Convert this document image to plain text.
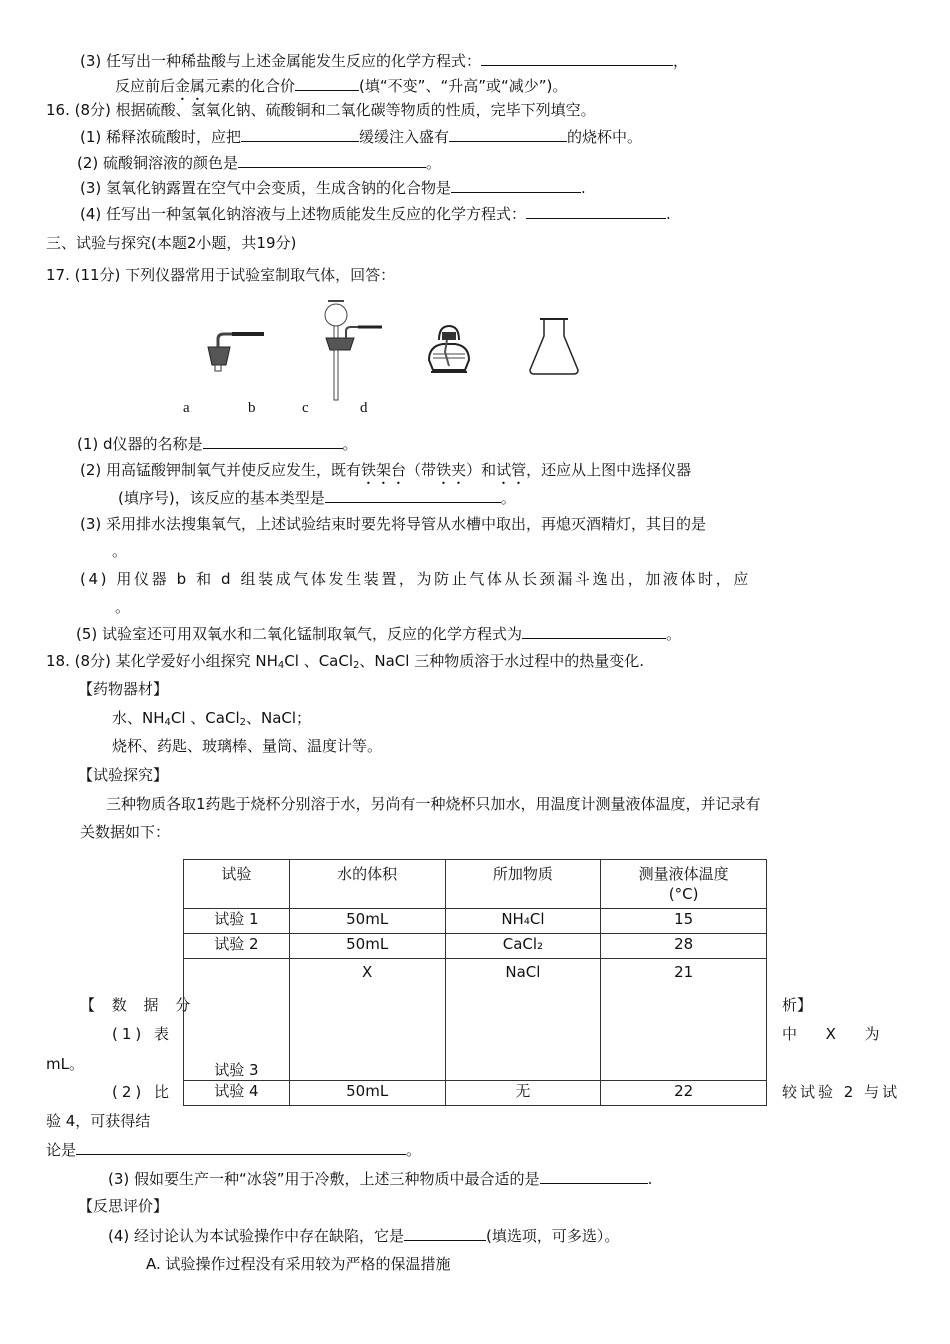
(3) 任写出一种稀盐酸与上述金属能发生反应的化学方程式：	，
反应前后金属元素的化合价	(填“不变”、“升高”或“减少”)。
16. (8分) 根据硫酸、氢氧化钠、硫酸铜和二氧化碳等物质的性质，完毕下列填空。
(1) 稀释浓硫酸时，应把	缓缓注入盛有	的烧杯中。
(2) 硫酸铜溶液的颜色是	。
(3) 氢氧化钠露置在空气中会变质，生成含钠的化合物是	.
(4) 任写出一种氢氧化钠溶液与上述物质能发生反应的化学方程式：	.
三、试验与探究(本题2小题，共19分)
17. (11分) 下列仪器常用于试验室制取气体，回答：
a	b	c	d
(1) d仪器的名称是	。
(2) 用高锰酸钾制氧气并使反应发生，既有铁架台（带铁夹）和试管，还应从上图中选择仪器
(填序号)，该反应的基本类型是	。
(3) 采用排水法搜集氧气，上述试验结束时要先将导管从水槽中取出，再熄灭酒精灯，其目的是
。
(4) 用仪器 b 和 d 组装成气体发生装置，为防止气体从长颈漏斗逸出，加液体时，应
。
(5) 试验室还可用双氧水和二氧化锰制取氧气，反应的化学方程式为	。
18. (8分) 某化学爱好小组探究 $NH_4Cl$ 、CaCl$_2$、NaCl 三种物质溶于水过程中的热量变化.
【药物器材】
水、$NH_4Cl$ 、CaCl$_2$、NaCl；
烧杯、药匙、玻璃棒、量筒、温度计等。
【试验探究】
三种物质各取1药匙于烧杯分别溶于水，另尚有一种烧杯只加水，用温度计测量液体温度，并记录有
关数据如下：
试验	水的体积	所加物质	测量液体温度
(°C)

试验 1	50mL	NH₄Cl	15
试验 2	50mL	CaCl₂	28
试验 3	X	NaCl	21
试验 4	50mL	无	22
【 数 据 分	析】
(1) 表	中      X      为
mL。
(2) 比	较试验 2 与试
验 4，可获得结
论是	。
(3) 假如要生产一种“冰袋”用于冷敷，上述三种物质中最合适的是	.
【反思评价】
(4) 经讨论认为本试验操作中存在缺陷，它是	(填选项，可多选）。
A. 试验操作过程没有采用较为严格的保温措施
